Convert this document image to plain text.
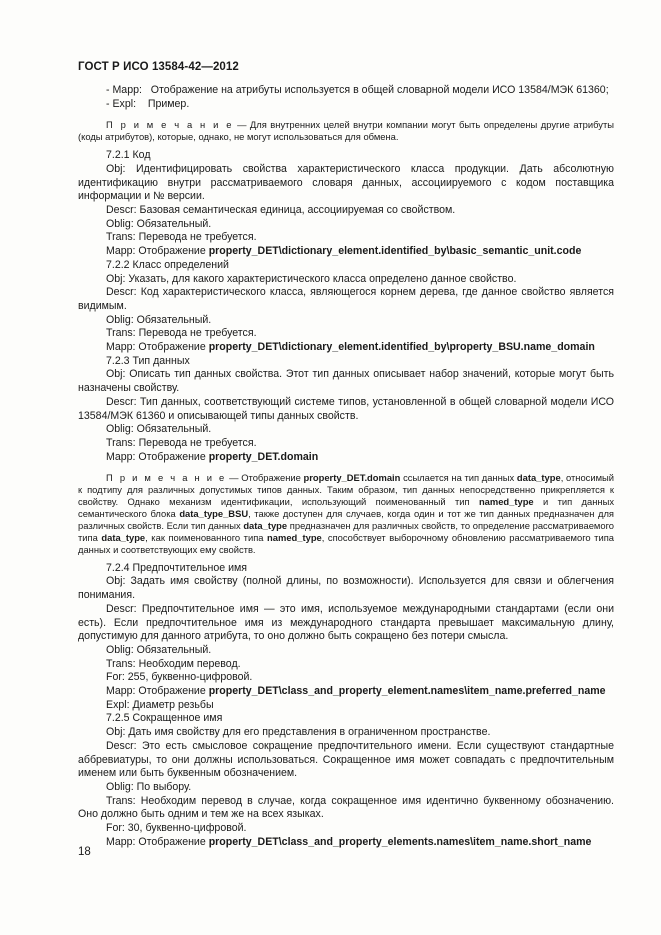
ГОСТ Р ИСО 13584-42—2012

- Mapp: Отображение на атрибуты используется в общей словарной модели ИСО 13584/МЭК 61360;

- Expl: Пример.

П р и м е ч а н и е — Для внутренних целей внутри компании могут быть определены другие атрибуты (коды атрибутов), которые, однако, не могут использоваться для обмена.

7.2.1 Код

Obj: Идентифицировать свойства характеристического класса продукции. Дать абсолютную идентификацию внутри рассматриваемого словаря данных, ассоциируемого с кодом поставщика информации и № версии.

Descr: Базовая семантическая единица, ассоциируемая со свойством.

Oblig: Обязательный.

Trans: Перевода не требуется.

Mapp: Отображение property_DET\dictionary_element.identified_by\basic_semantic_unit.code

7.2.2 Класс определений

Obj: Указать, для какого характеристического класса определено данное свойство.

Descr: Код характеристического класса, являющегося корнем дерева, где данное свойство является видимым.

Oblig: Обязательный.

Trans: Перевода не требуется.

Mapp: Отображение property_DET\dictionary_element.identified_by\property_BSU.name_domain

7.2.3 Тип данных

Obj: Описать тип данных свойства. Этот тип данных описывает набор значений, которые могут быть назначены свойству.

Descr: Тип данных, соответствующий системе типов, установленной в общей словарной модели ИСО 13584/МЭК 61360 и описывающей типы данных свойств.

Oblig: Обязательный.

Trans: Перевода не требуется.

Mapp: Отображение property_DET.domain

П р и м е ч а н и е — Отображение property_DET.domain ссылается на тип данных data_type, относимый к подтипу для различных допустимых типов данных. Таким образом, тип данных непосредственно прикрепляется к свойству. Однако механизм идентификации, использующий поименованный тип named_type и тип данных семантического блока data_type_BSU, также доступен для случаев, когда один и тот же тип данных предназначен для различных свойств. Если тип данных data_type предназначен для различных свойств, то определение рассматриваемого типа data_type, как поименованного типа named_type, способствует выборочному обновлению рассматриваемого типа данных и соответствующих ему свойств.

7.2.4 Предпочтительное имя

Obj: Задать имя свойству (полной длины, по возможности). Используется для связи и облегчения понимания.

Descr: Предпочтительное имя — это имя, используемое международными стандартами (если они есть). Если предпочтительное имя из международного стандарта превышает максимальную длину, допустимую для данного атрибута, то оно должно быть сокращено без потери смысла.

Oblig: Обязательный.

Trans: Необходим перевод.

For: 255, буквенно-цифровой.

Mapp: Отображение property_DET\class_and_property_element.names\item_name.preferred_name

Expl: Диаметр резьбы

7.2.5 Сокращенное имя

Obj: Дать имя свойству для его представления в ограниченном пространстве.

Descr: Это есть смысловое сокращение предпочтительного имени. Если существуют стандартные аббревиатуры, то они должны использоваться. Сокращенное имя может совпадать с предпочтительным именем или быть буквенным обозначением.

Oblig: По выбору.

Trans: Необходим перевод в случае, когда сокращенное имя идентично буквенному обозначению. Оно должно быть одним и тем же на всех языках.

For: 30, буквенно-цифровой.

Mapp: Отображение property_DET\class_and_property_elements.names\item_name.short_name

18
